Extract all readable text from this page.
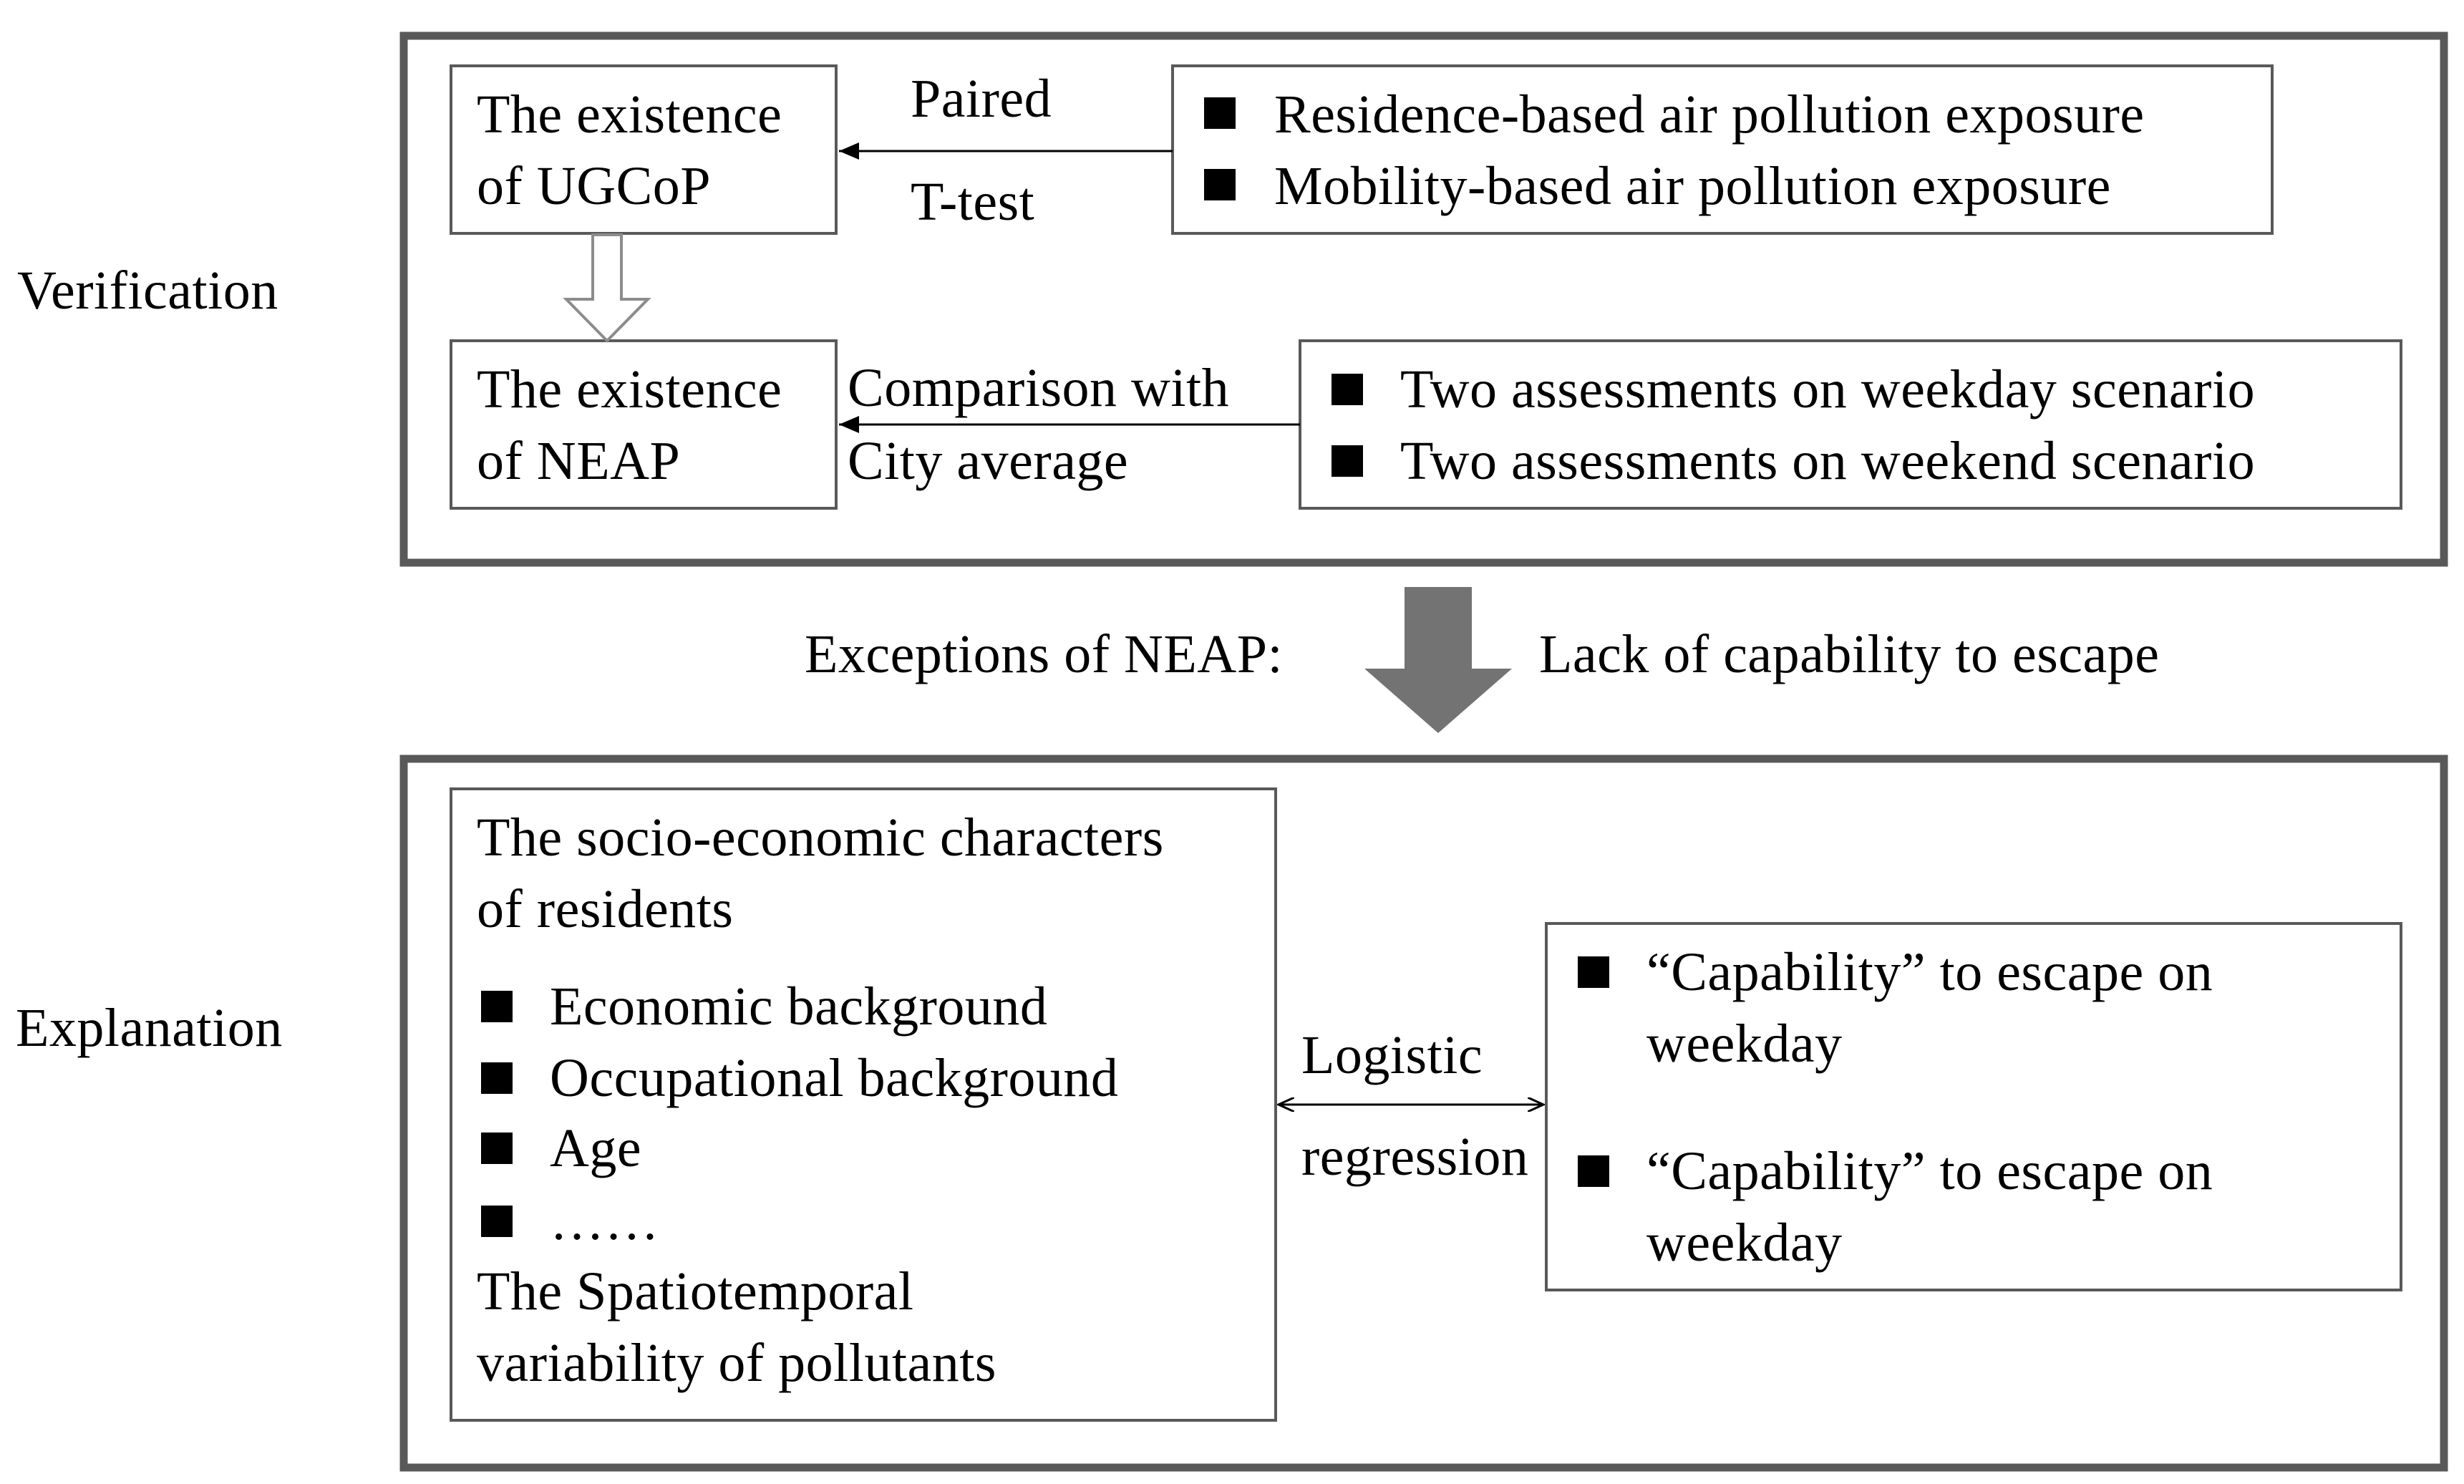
Verification
Explanation
The existence
of UGCoP
Paired
T-test
Residence-based air pollution exposure
Mobility-based air pollution exposure
The existence
of NEAP
Comparison with
City average
Two assessments on weekday scenario
Two assessments on weekend scenario
Exceptions of NEAP:	Lack of capability to escape
The socio-economic characters
of residents
Economic background
Occupational background
Age
……
The Spatiotemporal
variability of pollutants
Logistic
regression
“Capability” to escape on
weekday
“Capability” to escape on
weekday
